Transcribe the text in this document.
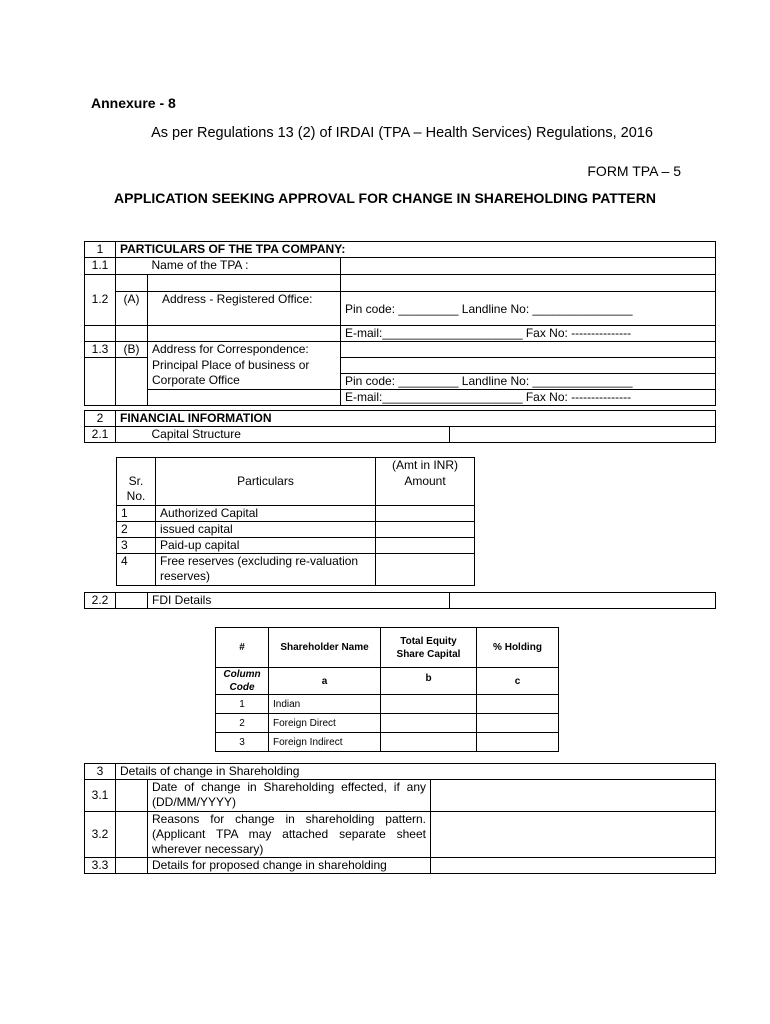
Annexure - 8
As per Regulations 13 (2) of IRDAI (TPA – Health Services) Regulations, 2016
FORM TPA – 5
APPLICATION SEEKING APPROVAL FOR CHANGE IN SHAREHOLDING PATTERN
1	PARTICULARS OF THE TPA COMPANY:		
1.1		Name of the TPA :	

1.2	(A)	Address - Registered Office:	Pin code: _________ Landline No: _______________
			E-mail:_____________________ Fax No: ---------------
1.3	(B)	Address for Correspondence: Principal Place of business or Corporate Office	

			Pin code: _________ Landline No: _______________
			E-mail:_____________________ Fax No: ---------------
2	FINANCIAL INFORMATION		
2.1		Capital Structure	
Sr. No.	Particulars	(Amt in INR)
		Amount
1	Authorized Capital	
2	issued capital	
3	Paid-up capital	
4	Free reserves (excluding re-valuation reserves)	
2.2		FDI Details	
#	Shareholder Name	Total Equity Share Capital	% Holding
Column Code	a	b	c
1	Indian		
2	Foreign Direct		
3	Foreign Indirect		
3	Details of change in Shareholding		
3.1		Date of change in Shareholding effected, if any (DD/MM/YYYY)	
3.2		Reasons for change in shareholding pattern. (Applicant TPA may attached separate sheet wherever necessary)	
3.3		Details for proposed change in shareholding	
